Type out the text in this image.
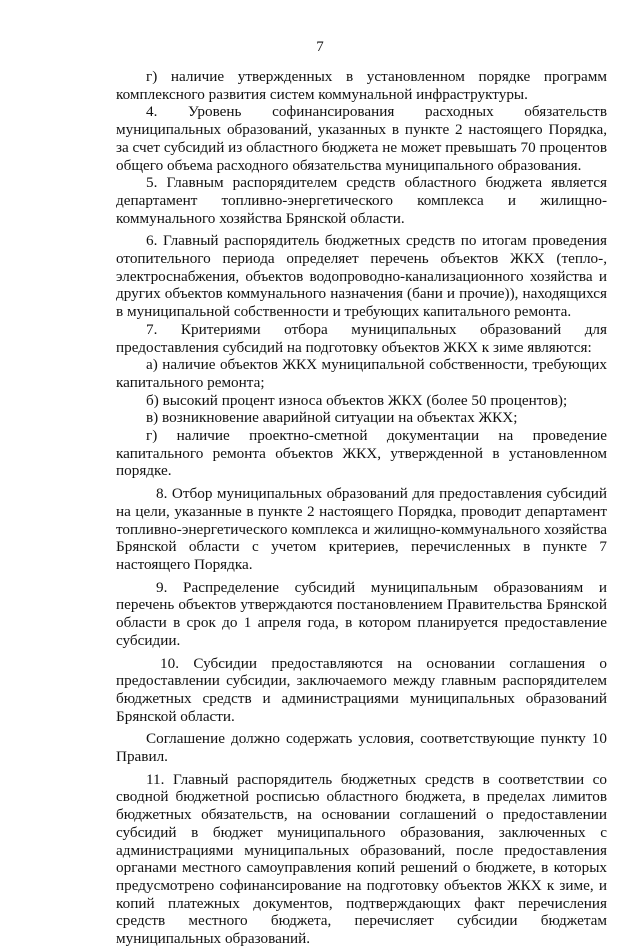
7

г) наличие утвержденных в установленном порядке программ комплексного развития систем коммунальной инфраструктуры.

4. Уровень софинансирования расходных обязательств муниципальных образований, указанных в пункте 2 настоящего Порядка, за счет субсидий из областного бюджета не может превышать 70 процентов общего объема расходного обязательства муниципального образования.

5. Главным распорядителем средств областного бюджета является департамент топливно-энергетического комплекса и жилищно-коммунального хозяйства Брянской области.

6. Главный распорядитель бюджетных средств по итогам проведения отопительного периода определяет перечень объектов ЖКХ (тепло-, электроснабжения, объектов водопроводно-канализационного хозяйства и других объектов коммунального назначения (бани и прочие)), находящихся в муниципальной собственности и требующих капитального ремонта.

7. Критериями отбора муниципальных образований для предоставления субсидий на подготовку объектов ЖКХ к зиме являются:

а) наличие объектов ЖКХ муниципальной собственности, требующих капитального ремонта;

б) высокий процент износа объектов ЖКХ (более 50 процентов);

в) возникновение аварийной ситуации на объектах ЖКХ;

г) наличие проектно-сметной документации на проведение капитального ремонта объектов ЖКХ, утвержденной в установленном порядке.

8. Отбор муниципальных образований для предоставления субсидий на цели, указанные в пункте 2 настоящего Порядка, проводит департамент топливно-энергетического комплекса и жилищно-коммунального хозяйства Брянской области с учетом критериев, перечисленных в пункте 7 настоящего Порядка.

9. Распределение субсидий муниципальным образованиям и перечень объектов утверждаются постановлением Правительства Брянской области в срок до 1 апреля года, в котором планируется предоставление субсидии.

10. Субсидии предоставляются на основании соглашения о предоставлении субсидии, заключаемого между главным распорядителем бюджетных средств и администрациями муниципальных образований Брянской области.

Соглашение должно содержать условия, соответствующие пункту 10 Правил.

11. Главный распорядитель бюджетных средств в соответствии со сводной бюджетной росписью областного бюджета, в пределах лимитов бюджетных обязательств, на основании соглашений о предоставлении субсидий в бюджет муниципального образования, заключенных с администрациями муниципальных образований, после предоставления органами местного самоуправления копий решений о бюджете, в которых предусмотрено софинансирование на подготовку объектов ЖКХ к зиме, и копий платежных документов, подтверждающих факт перечисления средств местного бюджета, перечисляет субсидии бюджетам муниципальных образований.
